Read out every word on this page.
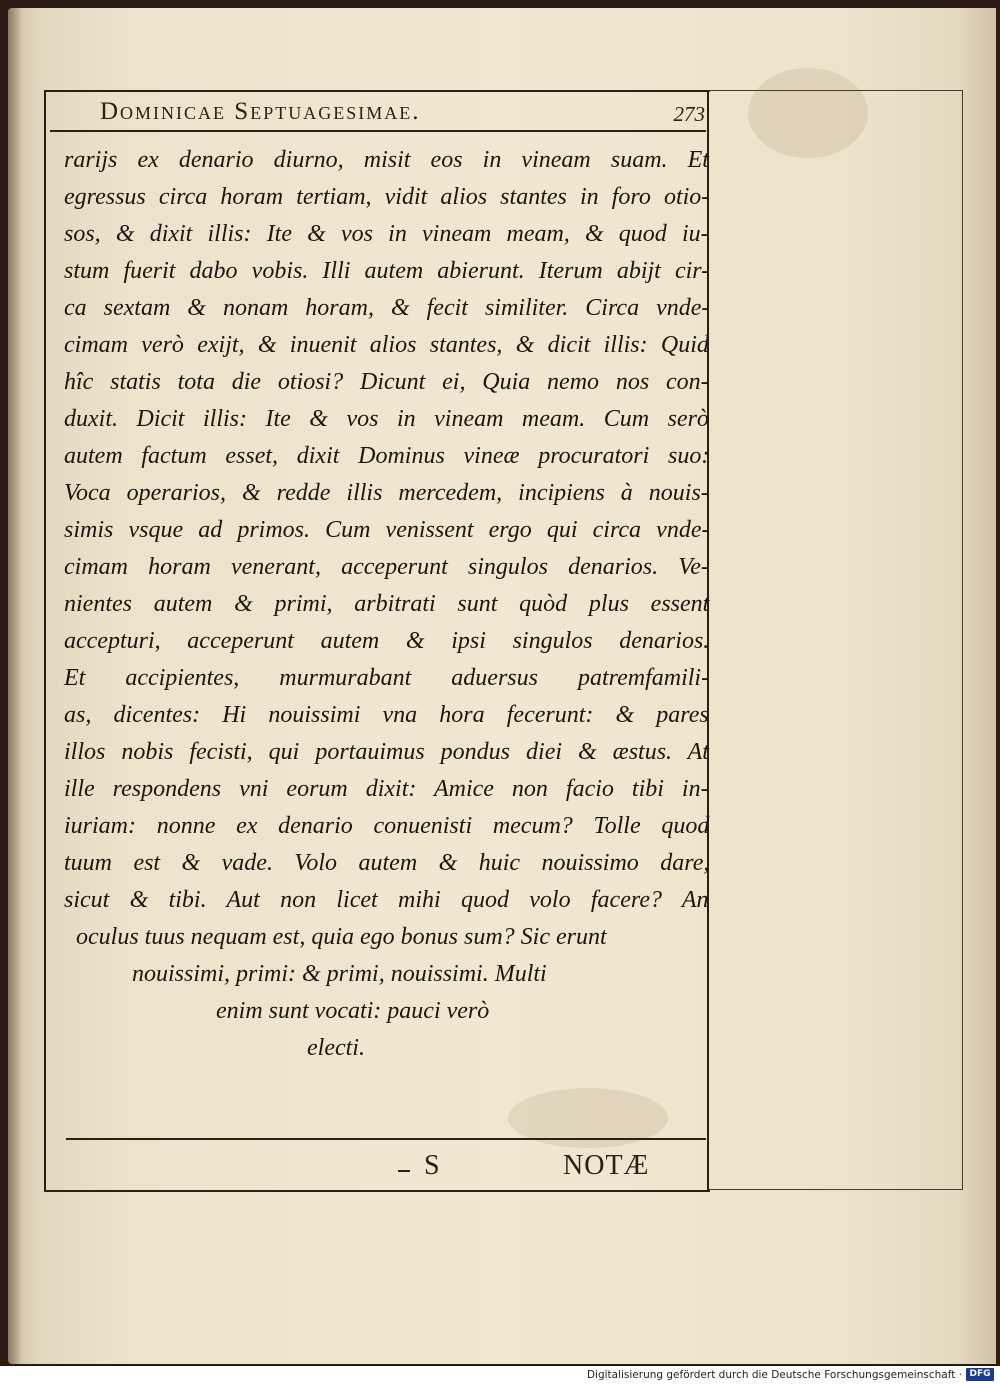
Dominicae Septuagesimae.	273
rarijs ex denario diurno, misit eos in vineam suam. Et
egressus circa horam tertiam, vidit alios stantes in foro otio-
sos, & dixit illis: Ite & vos in vineam meam, & quod iu-
stum fuerit dabo vobis. Illi autem abierunt. Iterum abijt cir-
ca sextam & nonam horam, & fecit similiter. Circa vnde-
cimam verò exijt, & inuenit alios stantes, & dicit illis: Quid
hîc statis tota die otiosi? Dicunt ei, Quia nemo nos con-
duxit. Dicit illis: Ite & vos in vineam meam. Cum serò
autem factum esset, dixit Dominus vineæ procuratori suo:
Voca operarios, & redde illis mercedem, incipiens à nouis-
simis vsque ad primos. Cum venissent ergo qui circa vnde-
cimam horam venerant, acceperunt singulos denarios. Ve-
nientes autem & primi, arbitrati sunt quòd plus essent
accepturi, acceperunt autem & ipsi singulos denarios.
Et accipientes, murmurabant aduersus patremfamili-
as, dicentes: Hi nouissimi vna hora fecerunt: & pares
illos nobis fecisti, qui portauimus pondus diei & æstus. At
ille respondens vni eorum dixit: Amice non facio tibi in-
iuriam: nonne ex denario conuenisti mecum? Tolle quod
tuum est & vade. Volo autem & huic nouissimo dare,
sicut & tibi. Aut non licet mihi quod volo facere? An
oculus tuus nequam est, quia ego bonus sum? Sic erunt
nouissimi, primi: & primi, nouissimi. Multi
enim sunt vocati: pauci verò
electi.
S	NOTÆ
Digitalisierung gefördert durch die Deutsche Forschungsgemeinschaft · DFG
